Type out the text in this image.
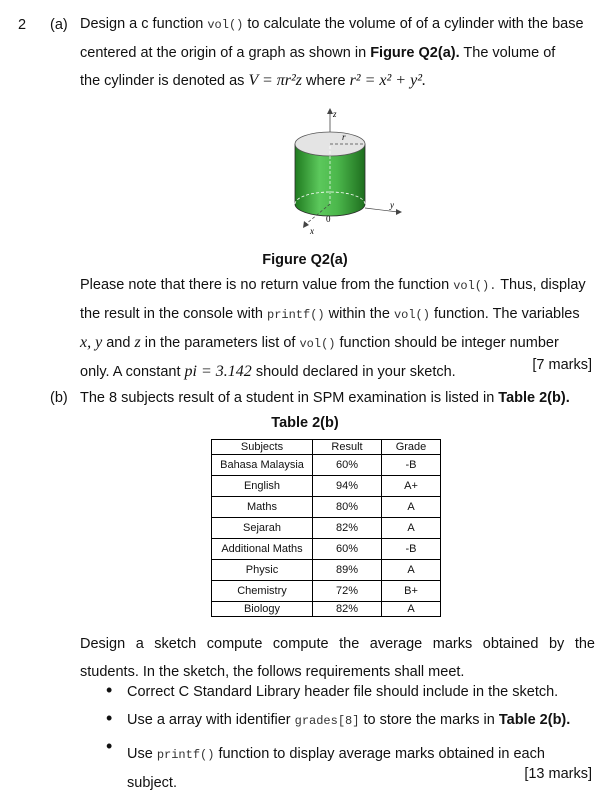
2 (a) Design a c function vol() to calculate the volume of of a cylinder with the base
centered at the origin of a graph as shown in Figure Q2(a). The volume of
the cylinder is denoted as V = πr²z where r² = x² + y².
z
r
0
x
y
Figure Q2(a)
Please note that there is no return value from the function vol(). Thus, display
the result in the console with printf() within the vol() function. The variables
x, y and z in the parameters list of vol() function should be integer number
only. A constant pi = 3.142 should declared in your sketch.	[7 marks]
(b) The 8 subjects result of a student in SPM examination is listed in Table 2(b).
Table 2(b)
Subjects	Result	Grade
Bahasa Malaysia	60%	-B
English	94%	A+
Maths	80%	A
Sejarah	82%	A
Additional Maths	60%	-B
Physic	89%	A
Chemistry	72%	B+
Biology	82%	A
Design a sketch compute compute the average marks obtained by the
students. In the sketch, the follows requirements shall meet.
• Correct C Standard Library header file should include in the sketch.
• Use a array with identifier grades[8] to store the marks in Table 2(b).
• Use printf() function to display average marks obtained in each
subject.
[13 marks]
